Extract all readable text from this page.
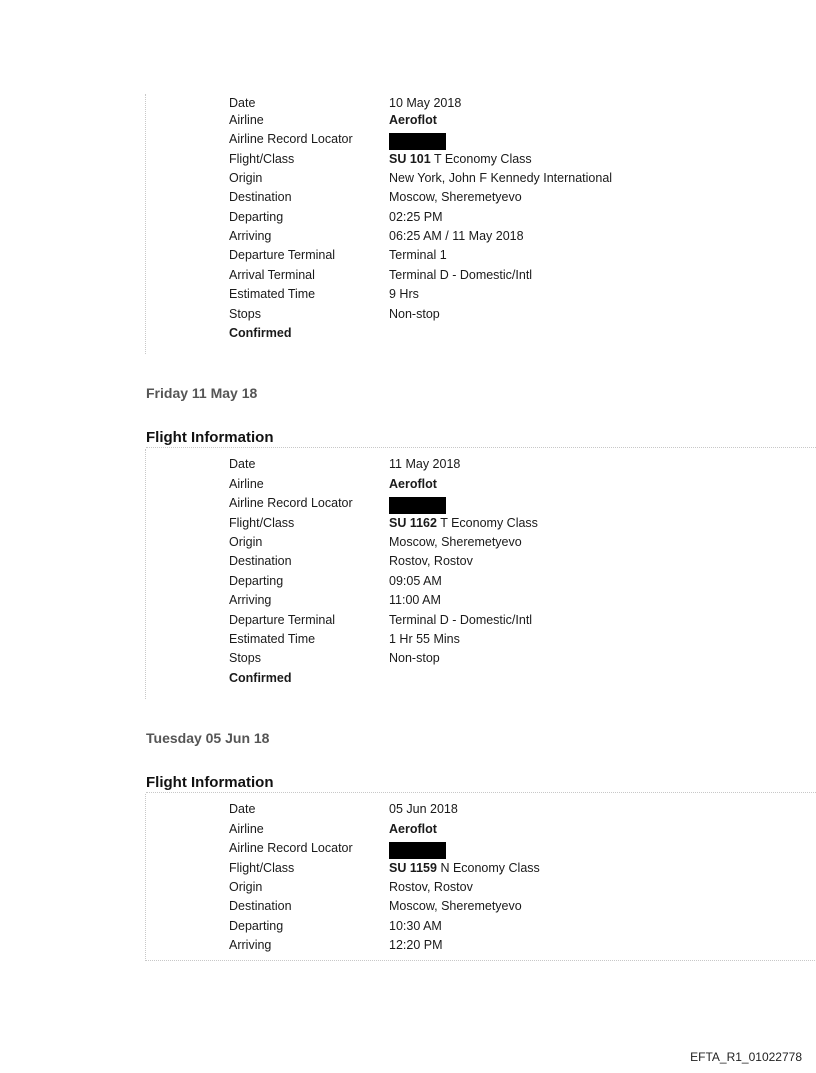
Date	10 May 2018
Airline	Aeroflot
Airline Record Locator
Flight/Class	SU 101 T Economy Class
Origin	New York, John F Kennedy International
Destination	Moscow, Sheremetyevo
Departing	02:25 PM
Arriving	06:25 AM / 11 May 2018
Departure Terminal	Terminal 1
Arrival Terminal	Terminal D - Domestic/Intl
Estimated Time	9 Hrs
Stops	Non-stop
Confirmed
Friday 11 May 18
Flight Information
Date	11 May 2018
Airline	Aeroflot
Airline Record Locator
Flight/Class	SU 1162 T Economy Class
Origin	Moscow, Sheremetyevo
Destination	Rostov, Rostov
Departing	09:05 AM
Arriving	11:00 AM
Departure Terminal	Terminal D - Domestic/Intl
Estimated Time	1 Hr 55 Mins
Stops	Non-stop
Confirmed
Tuesday 05 Jun 18
Flight Information
Date	05 Jun 2018
Airline	Aeroflot
Airline Record Locator
Flight/Class	SU 1159 N Economy Class
Origin	Rostov, Rostov
Destination	Moscow, Sheremetyevo
Departing	10:30 AM
Arriving	12:20 PM
EFTA_R1_01022778
